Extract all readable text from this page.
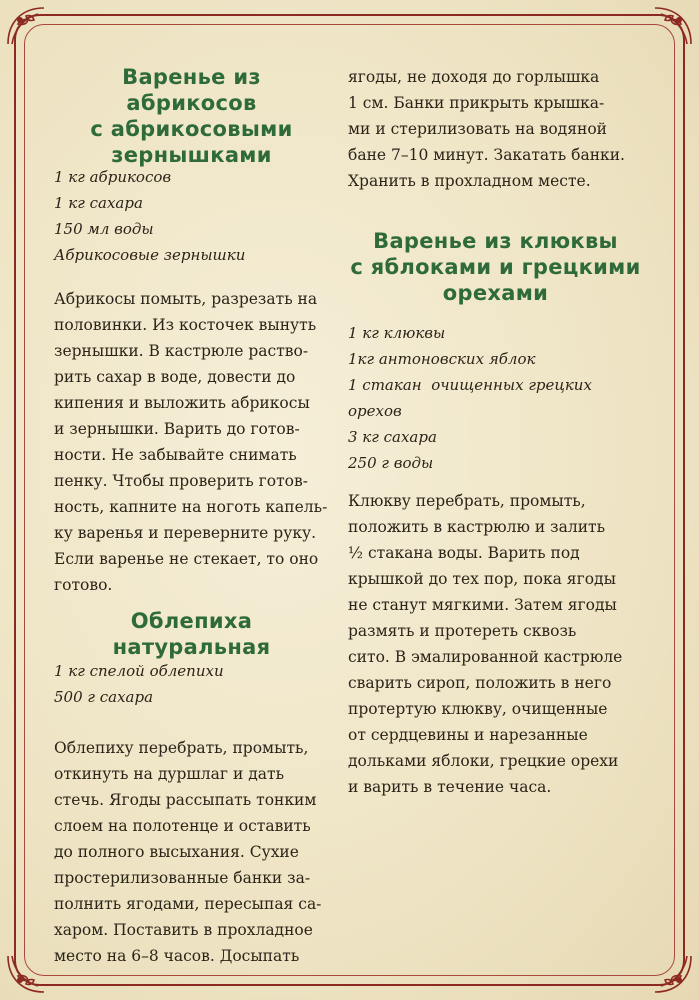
Варенье из абрикосов
с абрикосовыми
зернышками

1 кг абрикосов

1 кг сахара

150 мл воды

Абрикосовые зернышки

Абрикосы помыть, разрезать на

половинки. Из косточек вынуть

зернышки. В кастрюле раство-

рить сахар в воде, довести до

кипения и выложить абрикосы

и зернышки. Варить до готов-

ности. Не забывайте снимать

пенку. Чтобы проверить готов-

ность, капните на ноготь капель-

ку варенья и переверните руку.

Если варенье не стекает, то оно

готово.

Облепиха натуральная

1 кг спелой облепихи

500 г сахара

Облепиху перебрать, промыть,

откинуть на дуршлаг и дать

стечь. Ягоды рассыпать тонким

слоем на полотенце и оставить

до полного высыхания. Сухие

простерилизованные банки за-

полнить ягодами, пересыпая са-

харом. Поставить в прохладное

место на 6–8 часов. Досыпать

ягоды, не доходя до горлышка

1 см. Банки прикрыть крышка-

ми и стерилизовать на водяной

бане 7–10 минут. Закатать банки.

Хранить в прохладном месте.

Варенье из клюквы
с яблоками и грецкими
орехами

1 кг клюквы

1кг антоновских яблок

1 стакан  очищенных грецких

орехов

3 кг сахара

250 г воды

Клюкву перебрать, промыть,

положить в кастрюлю и залить

½ стакана воды. Варить под

крышкой до тех пор, пока ягоды

не станут мягкими. Затем ягоды

размять и протереть сквозь

сито. В эмалированной кастрюле

сварить сироп, положить в него

протертую клюкву, очищенные

от сердцевины и нарезанные

дольками яблоки, грецкие орехи

и варить в течение часа.
